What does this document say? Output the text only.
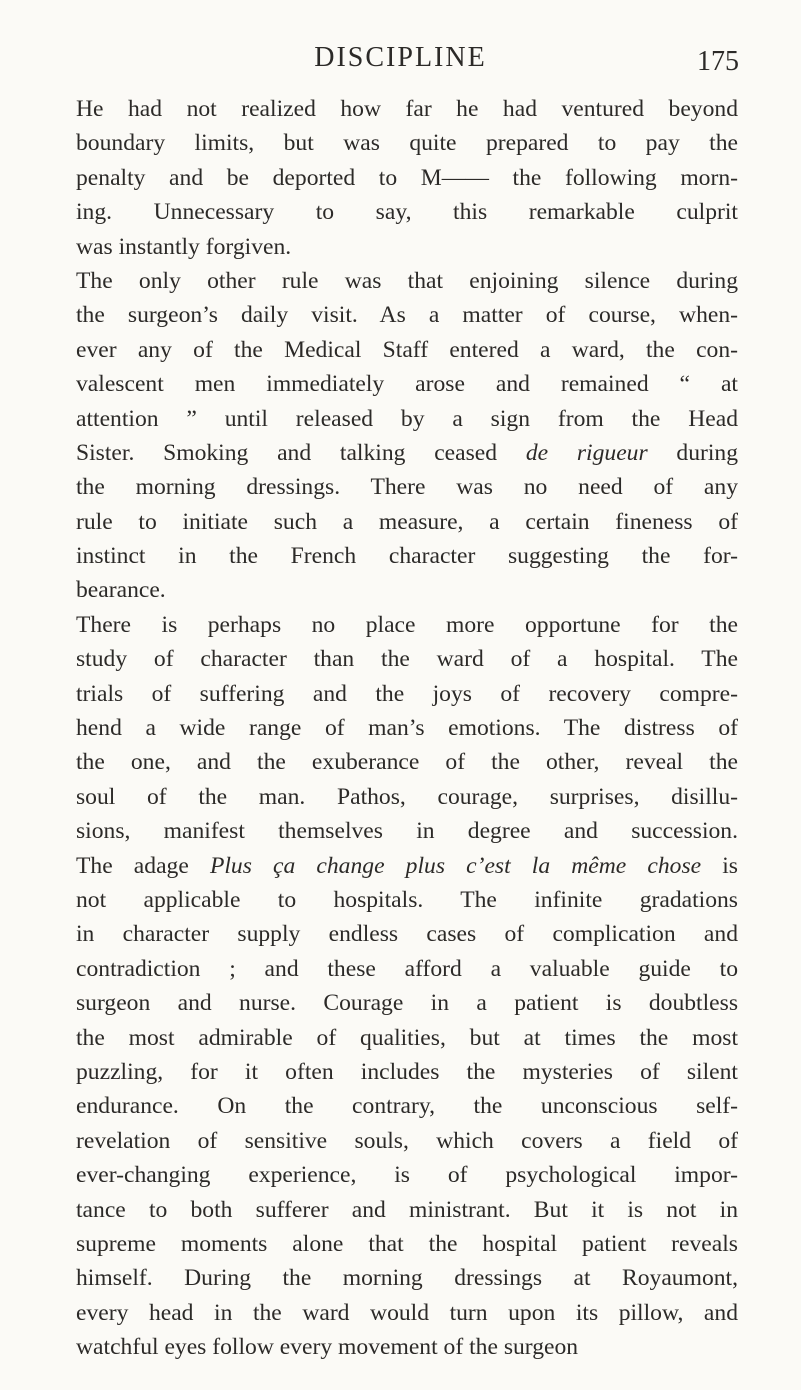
DISCIPLINE	175

He had not realized how far he had ventured beyond
boundary limits, but was quite prepared to pay the
penalty and be deported to M—— the following morn-
ing. Unnecessary to say, this remarkable culprit
was instantly forgiven.

The only other rule was that enjoining silence during
the surgeon’s daily visit. As a matter of course, when-
ever any of the Medical Staff entered a ward, the con-
valescent men immediately arose and remained “ at
attention ” until released by a sign from the Head
Sister. Smoking and talking ceased de rigueur during
the morning dressings. There was no need of any
rule to initiate such a measure, a certain fineness of
instinct in the French character suggesting the for-
bearance.

There is perhaps no place more opportune for the
study of character than the ward of a hospital. The
trials of suffering and the joys of recovery compre-
hend a wide range of man’s emotions. The distress of
the one, and the exuberance of the other, reveal the
soul of the man. Pathos, courage, surprises, disillu-
sions, manifest themselves in degree and succession.
The adage Plus ça change plus c’est la même chose is
not applicable to hospitals. The infinite gradations
in character supply endless cases of complication and
contradiction ; and these afford a valuable guide to
surgeon and nurse. Courage in a patient is doubtless
the most admirable of qualities, but at times the most
puzzling, for it often includes the mysteries of silent
endurance. On the contrary, the unconscious self-
revelation of sensitive souls, which covers a field of
ever-changing experience, is of psychological impor-
tance to both sufferer and ministrant. But it is not in
supreme moments alone that the hospital patient reveals
himself. During the morning dressings at Royaumont,
every head in the ward would turn upon its pillow, and
watchful eyes follow every movement of the surgeon
